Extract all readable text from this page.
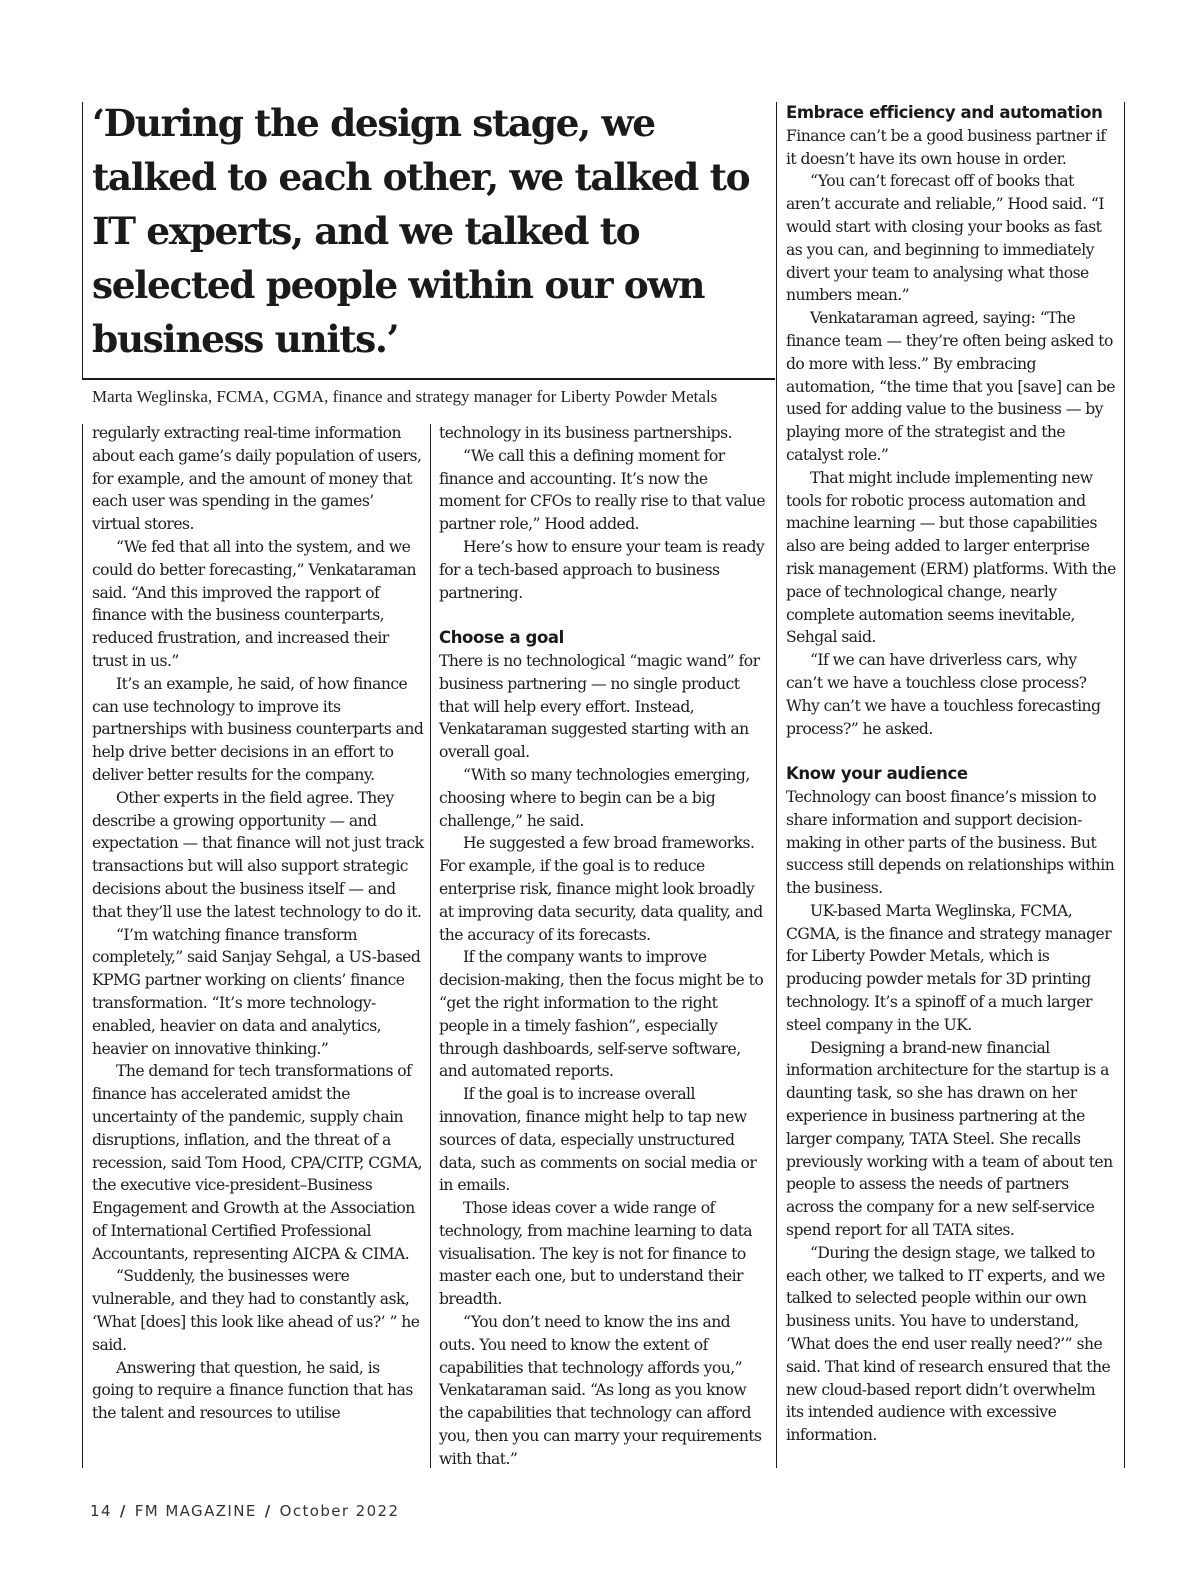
‘During the design stage, we talked to each other, we talked to IT experts, and we talked to selected people within our own business units.’

Marta Weglinska, FCMA, CGMA, finance and strategy manager for Liberty Powder Metals

regularly extracting real-time information about each game’s daily population of users, for example, and the amount of money that each user was spending in the games’ virtual stores.

“We fed that all into the system, and we could do better forecasting,” Venkataraman said. “And this improved the rapport of finance with the business counterparts, reduced frustration, and increased their trust in us.”

It’s an example, he said, of how finance can use technology to improve its partnerships with business counterparts and help drive better decisions in an effort to deliver better results for the company.

Other experts in the field agree. They describe a growing opportunity — and expectation — that finance will not just track transactions but will also support strategic decisions about the business itself — and that they’ll use the latest technology to do it.

“I’m watching finance transform completely,” said Sanjay Sehgal, a US-based KPMG partner working on clients’ finance transformation. “It’s more technology-enabled, heavier on data and analytics, heavier on innovative thinking.”

The demand for tech transformations of finance has accelerated amidst the uncertainty of the pandemic, supply chain disruptions, inflation, and the threat of a recession, said Tom Hood, CPA/CITP, CGMA, the executive vice-president–Business Engagement and Growth at the Association of International Certified Professional Accountants, representing AICPA & CIMA.

“Suddenly, the businesses were vulnerable, and they had to constantly ask, ‘What [does] this look like ahead of us?’ ” he said.

Answering that question, he said, is going to require a finance function that has the talent and resources to utilise

technology in its business partnerships.

“We call this a defining moment for finance and accounting. It’s now the moment for CFOs to really rise to that value partner role,” Hood added.

Here’s how to ensure your team is ready for a tech-based approach to business partnering.

Choose a goal

There is no technological “magic wand” for business partnering — no single product that will help every effort. Instead, Venkataraman suggested starting with an overall goal.

“With so many technologies emerging, choosing where to begin can be a big challenge,” he said.

He suggested a few broad frameworks. For example, if the goal is to reduce enterprise risk, finance might look broadly at improving data security, data quality, and the accuracy of its forecasts.

If the company wants to improve decision-making, then the focus might be to “get the right information to the right people in a timely fashion”, especially through dashboards, self-serve software, and automated reports.

If the goal is to increase overall innovation, finance might help to tap new sources of data, especially unstructured data, such as comments on social media or in emails.

Those ideas cover a wide range of technology, from machine learning to data visualisation. The key is not for finance to master each one, but to understand their breadth.

“You don’t need to know the ins and outs. You need to know the extent of capabilities that technology affords you,” Venkataraman said. “As long as you know the capabilities that technology can afford you, then you can marry your requirements with that.”

Embrace efficiency and automation

Finance can’t be a good business partner if it doesn’t have its own house in order.

“You can’t forecast off of books that aren’t accurate and reliable,” Hood said. “I would start with closing your books as fast as you can, and beginning to immediately divert your team to analysing what those numbers mean.”

Venkataraman agreed, saying: “The finance team — they’re often being asked to do more with less.” By embracing automation, “the time that you [save] can be used for adding value to the business — by playing more of the strategist and the catalyst role.”

That might include implementing new tools for robotic process automation and machine learning — but those capabilities also are being added to larger enterprise risk management (ERM) platforms. With the pace of technological change, nearly complete automation seems inevitable, Sehgal said.

“If we can have driverless cars, why can’t we have a touchless close process? Why can’t we have a touchless forecasting process?” he asked.

Know your audience

Technology can boost finance’s mission to share information and support decision-making in other parts of the business. But success still depends on relationships within the business.

UK-based Marta Weglinska, FCMA, CGMA, is the finance and strategy manager for Liberty Powder Metals, which is producing powder metals for 3D printing technology. It’s a spinoff of a much larger steel company in the UK.

Designing a brand-new financial information architecture for the startup is a daunting task, so she has drawn on her experience in business partnering at the larger company, TATA Steel. She recalls previously working with a team of about ten people to assess the needs of partners across the company for a new self-service spend report for all TATA sites.

“During the design stage, we talked to each other, we talked to IT experts, and we talked to selected people within our own business units. You have to understand, ‘What does the end user really need?’” she said. That kind of research ensured that the new cloud-based report didn’t overwhelm its intended audience with excessive information.

14 / FM MAGAZINE / October 2022
